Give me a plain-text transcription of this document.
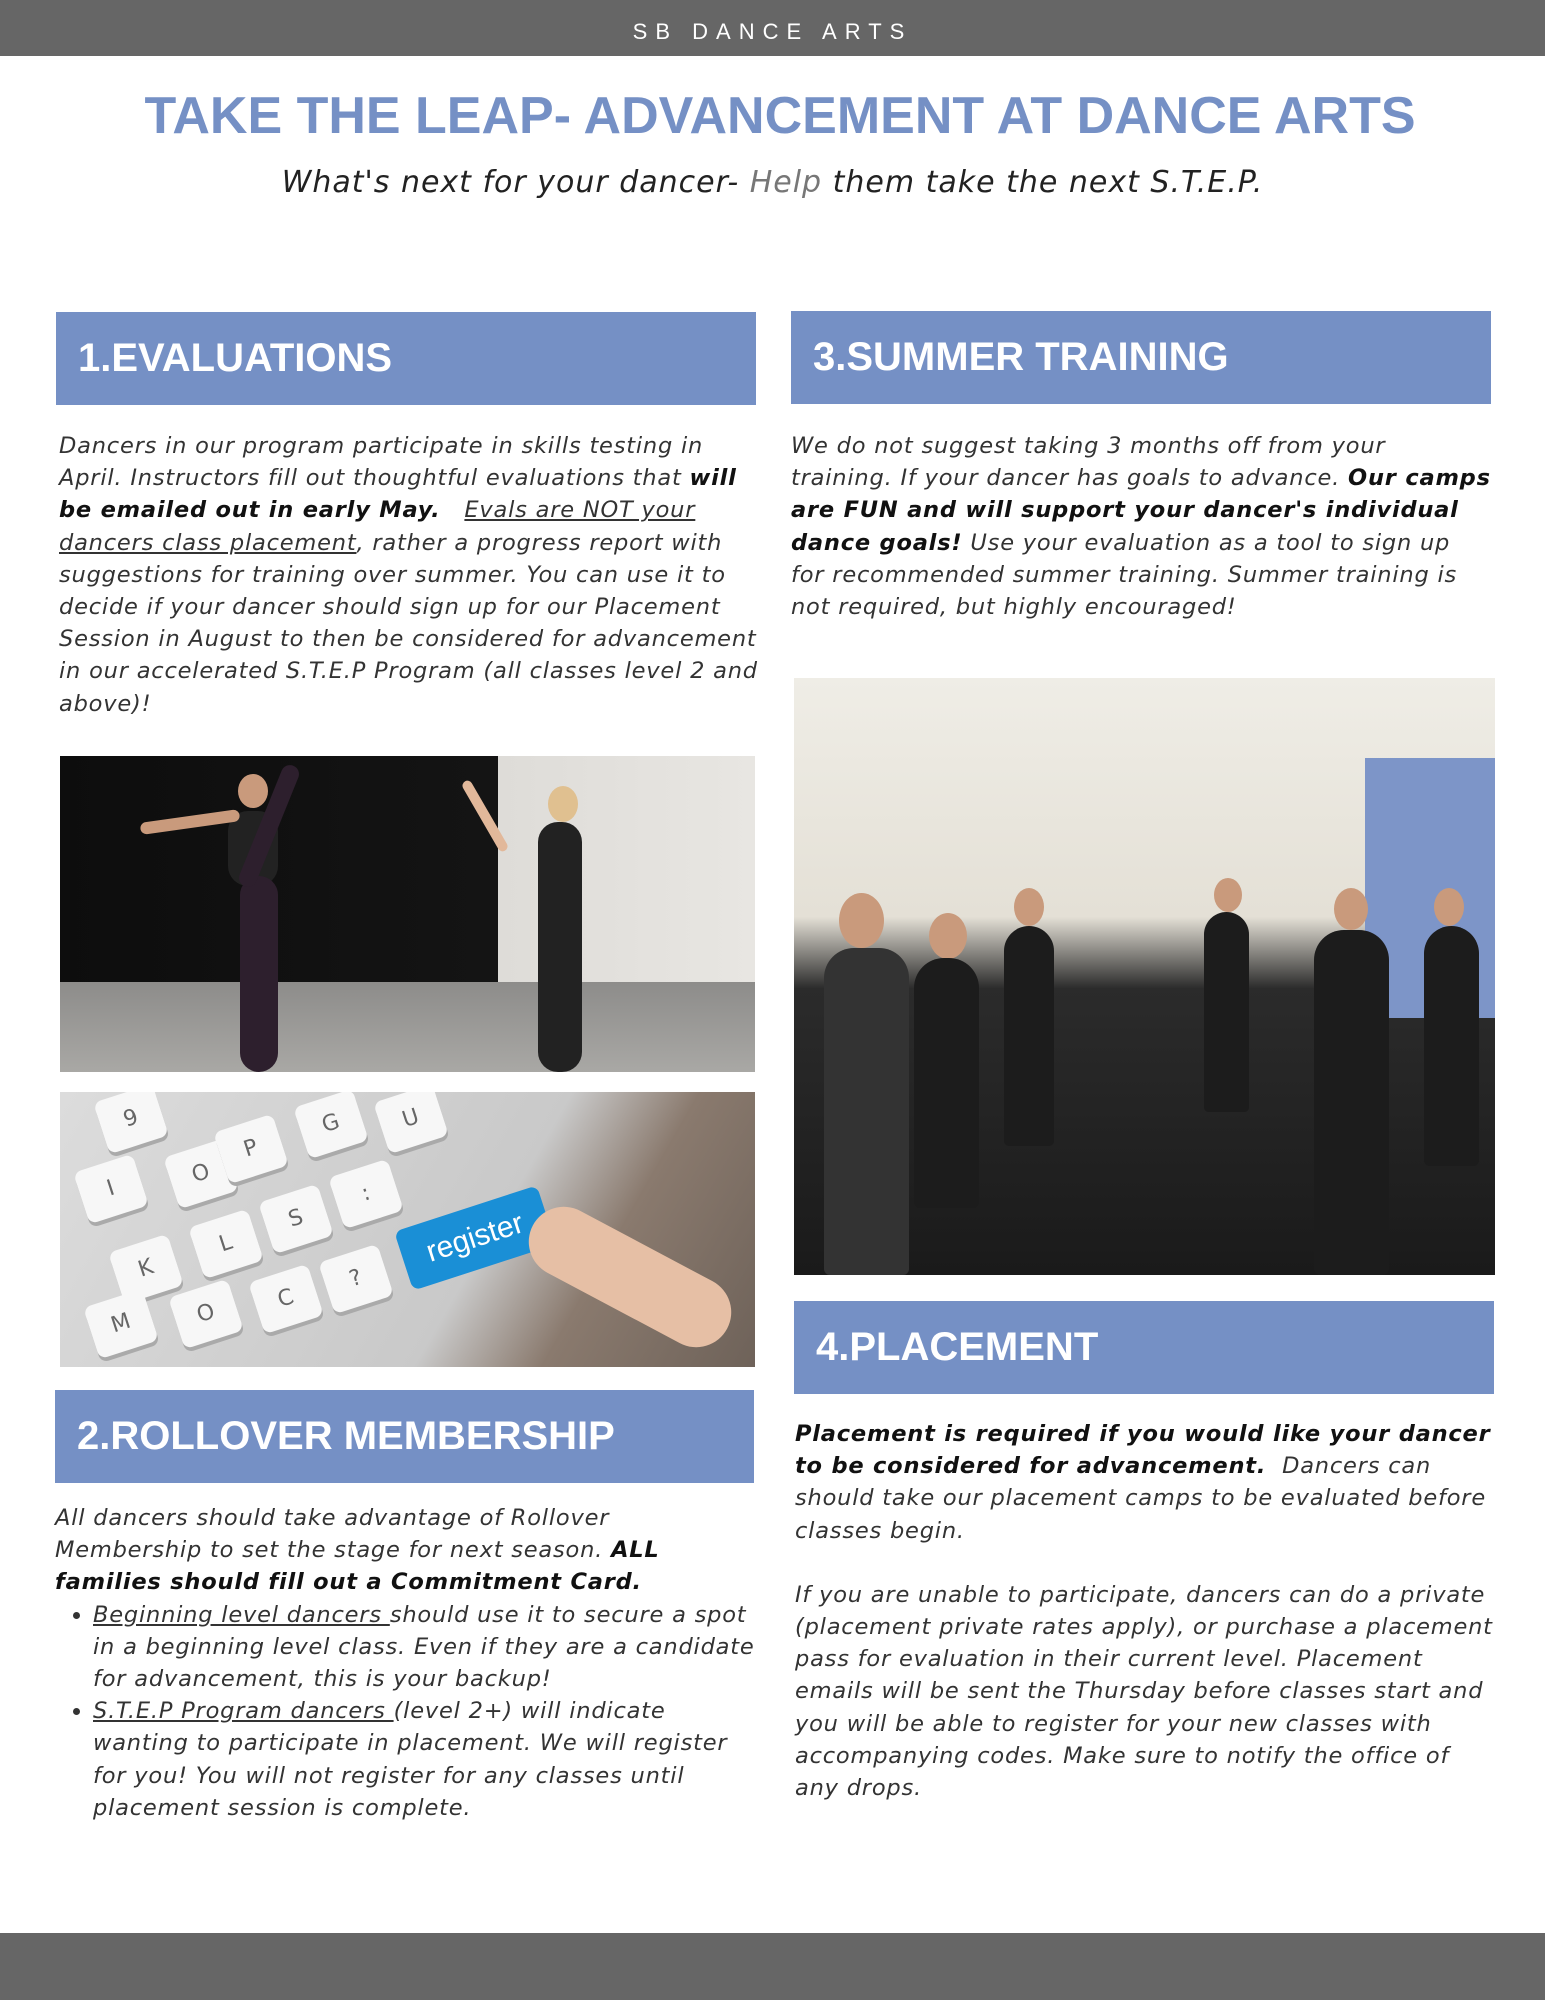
SB DANCE ARTS
TAKE THE LEAP- ADVANCEMENT AT DANCE ARTS
What's next for your dancer- Help them take the next S.T.E.P.
1.EVALUATIONS
Dancers in our program participate in skills testing in April. Instructors fill out thoughtful evaluations that will be emailed out in early May. Evals are NOT your dancers class placement, rather a progress report with suggestions for training over summer. You can use it to decide if your dancer should sign up for our Placement Session in August to then be considered for advancement in our accelerated S.T.E.P Program (all classes level 2 and above)!
9
O
P
G	U
I
K
L
S
:
?
M	O
C
register
2.ROLLOVER MEMBERSHIP
All dancers should take advantage of Rollover Membership to set the stage for next season. ALL families should fill out a Commitment Card.
• Beginning level dancers should use it to secure a spot in a beginning level class. Even if they are a candidate for advancement, this is your backup!
• S.T.E.P Program dancers (level 2+) will indicate wanting to participate in placement. We will register for you! You will not register for any classes until placement session is complete.
3.SUMMER TRAINING
We do not suggest taking 3 months off from your training. If your dancer has goals to advance. Our camps are FUN and will support your dancer's individual dance goals! Use your evaluation as a tool to sign up for recommended summer training. Summer training is not required, but highly encouraged!
4.PLACEMENT
Placement is required if you would like your dancer to be considered for advancement.  Dancers can should take our placement camps to be evaluated before classes begin.
If you are unable to participate, dancers can do a private (placement private rates apply), or purchase a placement pass for evaluation in their current level. Placement emails will be sent the Thursday before classes start and you will be able to register for your new classes with accompanying codes. Make sure to notify the office of any drops.
